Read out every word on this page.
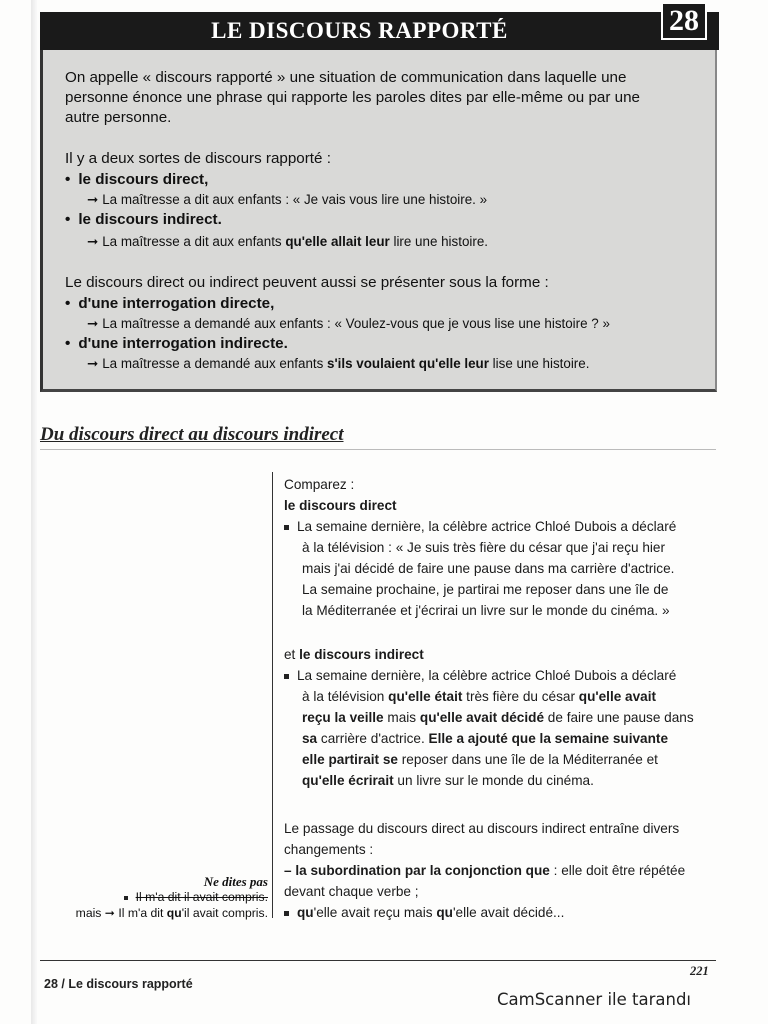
LE DISCOURS RAPPORTÉ	28
On appelle « discours rapporté » une situation de communication dans laquelle une
personne énonce une phrase qui rapporte les paroles dites par elle-même ou par une
autre personne.
Il y a deux sortes de discours rapporté :
• le discours direct,
➞ La maîtresse a dit aux enfants : « Je vais vous lire une histoire. »
• le discours indirect.
➞ La maîtresse a dit aux enfants qu'elle allait leur lire une histoire.
Le discours direct ou indirect peuvent aussi se présenter sous la forme :
• d'une interrogation directe,
➞ La maîtresse a demandé aux enfants : « Voulez-vous que je vous lise une histoire ? »
• d'une interrogation indirecte.
➞ La maîtresse a demandé aux enfants s'ils voulaient qu'elle leur lise une histoire.
Du discours direct au discours indirect
Comparez :
le discours direct
La semaine dernière, la célèbre actrice Chloé Dubois a déclaré
à la télévision : « Je suis très fière du césar que j'ai reçu hier
mais j'ai décidé de faire une pause dans ma carrière d'actrice.
La semaine prochaine, je partirai me reposer dans une île de
la Méditerranée et j'écrirai un livre sur le monde du cinéma. »
et le discours indirect
La semaine dernière, la célèbre actrice Chloé Dubois a déclaré
à la télévision qu'elle était très fière du césar qu'elle avait
reçu la veille mais qu'elle avait décidé de faire une pause dans
sa carrière d'actrice. Elle a ajouté que la semaine suivante
elle partirait se reposer dans une île de la Méditerranée et
qu'elle écrirait un livre sur le monde du cinéma.
Le passage du discours direct au discours indirect entraîne divers
changements :
– la subordination par la conjonction que : elle doit être répétée
devant chaque verbe ;
qu'elle avait reçu mais qu'elle avait décidé...
Ne dites pas
Il m'a dit il avait compris.
mais ➞ Il m'a dit qu'il avait compris.
221
28 / Le discours rapporté
CamScanner ile tarandı
